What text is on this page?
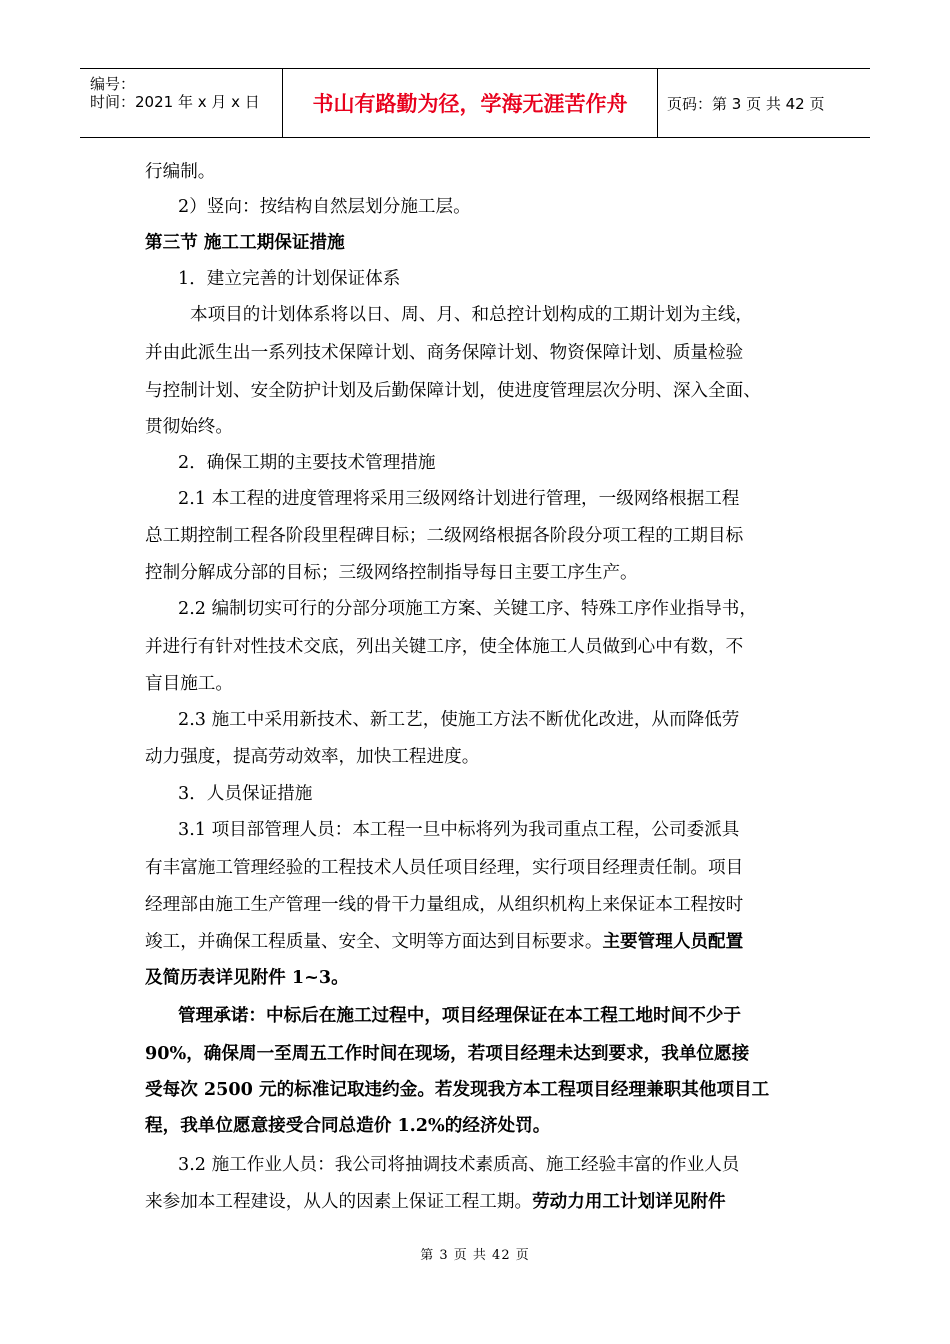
编号：
时间：2021 年 x 月 x 日	书山有路勤为径，学海无涯苦作舟	页码：第 3 页 共 42 页
行编制。
2）竖向：按结构自然层划分施工层。
第三节 施工工期保证措施
1．建立完善的计划保证体系
本项目的计划体系将以日、周、月、和总控计划构成的工期计划为主线，
并由此派生出一系列技术保障计划、商务保障计划、物资保障计划、质量检验
与控制计划、安全防护计划及后勤保障计划，使进度管理层次分明、深入全面、
贯彻始终。
2．确保工期的主要技术管理措施
2.1 本工程的进度管理将采用三级网络计划进行管理，一级网络根据工程
总工期控制工程各阶段里程碑目标；二级网络根据各阶段分项工程的工期目标
控制分解成分部的目标；三级网络控制指导每日主要工序生产。
2.2 编制切实可行的分部分项施工方案、关键工序、特殊工序作业指导书，
并进行有针对性技术交底，列出关键工序，使全体施工人员做到心中有数，不
盲目施工。
2.3 施工中采用新技术、新工艺，使施工方法不断优化改进，从而降低劳
动力强度，提高劳动效率，加快工程进度。
3．人员保证措施
3.1 项目部管理人员：本工程一旦中标将列为我司重点工程，公司委派具
有丰富施工管理经验的工程技术人员任项目经理，实行项目经理责任制。项目
经理部由施工生产管理一线的骨干力量组成，从组织机构上来保证本工程按时
竣工，并确保工程质量、安全、文明等方面达到目标要求。主要管理人员配置
及简历表详见附件 1~3。
管理承诺：中标后在施工过程中，项目经理保证在本工程工地时间不少于
90%，确保周一至周五工作时间在现场，若项目经理未达到要求，我单位愿接
受每次 2500 元的标准记取违约金。若发现我方本工程项目经理兼职其他项目工
程，我单位愿意接受合同总造价 1.2%的经济处罚。
3.2 施工作业人员：我公司将抽调技术素质高、施工经验丰富的作业人员
来参加本工程建设，从人的因素上保证工程工期。劳动力用工计划详见附件
第 3 页 共 42 页
